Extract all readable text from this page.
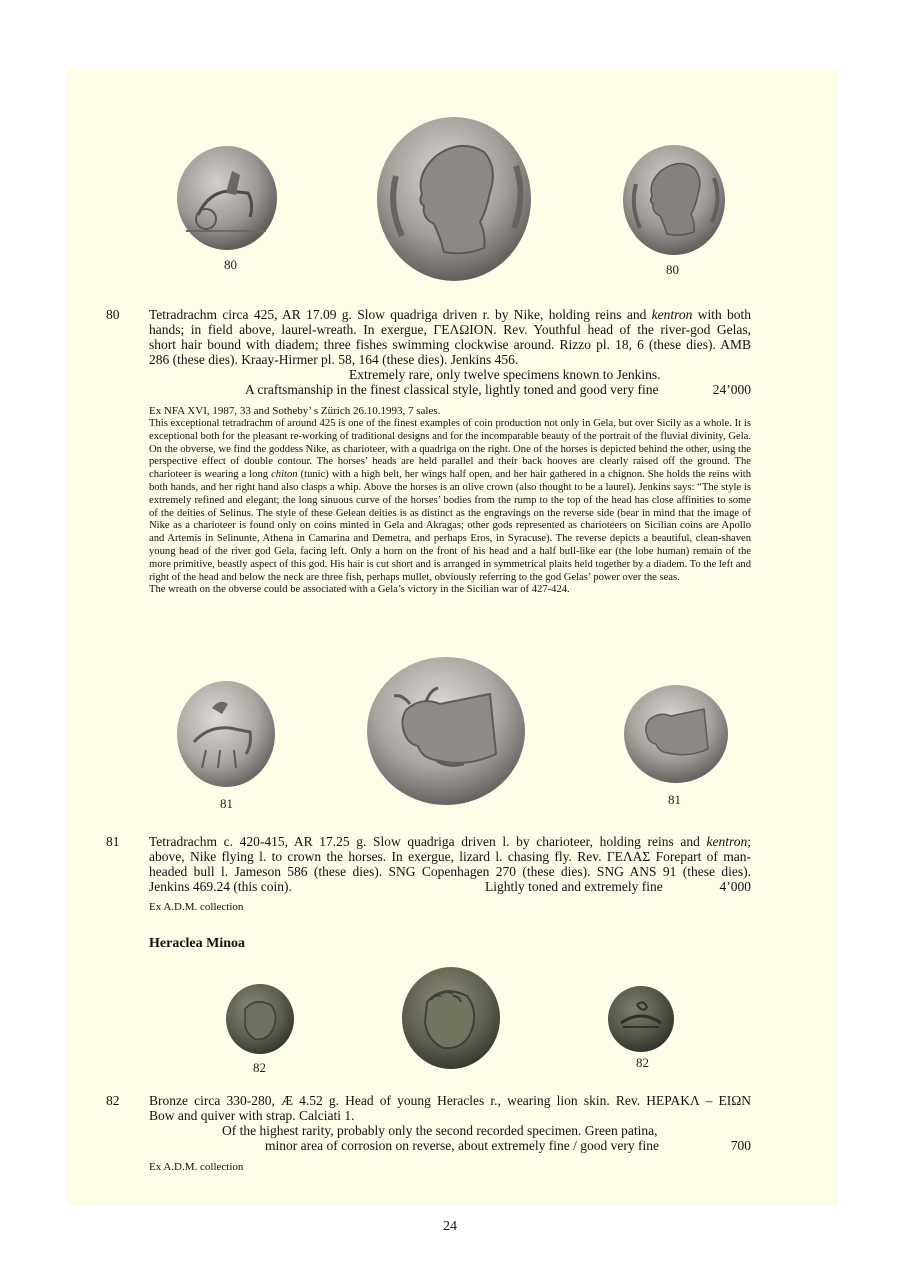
80	80
80 Tetradrachm circa 425, AR 17.09 g. Slow quadriga driven r. by Nike, holding reins and kentron with both
hands; in field above, laurel-wreath. In exergue, ΓΕΛΩΙΟΝ. Rev. Youthful head of the river-god Gelas,
short hair bound with diadem; three fishes swimming clockwise around. Rizzo pl. 18, 6 (these dies). AMB
286 (these dies). Kraay-Hirmer pl. 58, 164 (these dies). Jenkins 456.
Extremely rare, only twelve specimens known to Jenkins.
A craftsmanship in the finest classical style, lightly toned and good very fine	24’000
Ex NFA XVI, 1987, 33 and Sotheby’ s Zürich 26.10.1993, 7 sales.

This exceptional tetradrachm of around 425 is one of the finest examples of coin production not only in Gela, but over Sicily as a whole. It is exceptional both for the pleasant re-working of traditional designs and for the incomparable beauty of the portrait of the fluvial divinity, Gela. On the obverse, we find the goddess Nike, as charioteer, with a quadriga on the right. One of the horses is depicted behind the other, using the perspective effect of double contour. The horses’ heads are held parallel and their back hooves are clearly raised off the ground. The charioteer is wearing a long chiton (tunic) with a high belt, her wings half open, and her hair gathered in a chignon. She holds the reins with both hands, and her right hand also clasps a whip. Above the horses is an olive crown (also thought to be a laurel). Jenkins says: “The style is extremely refined and elegant; the long sinuous curve of the horses’ bodies from the rump to the top of the head has close affinities to some of the deities of Selinus. The style of these Gelean deities is as distinct as the engravings on the reverse side (bear in mind that the image of Nike as a charioteer is found only on coins minted in Gela and Akragas; other gods represented as charioteers on Sicilian coins are Apollo and Artemis in Selinunte, Athena in Camarina and Demetra, and perhaps Eros, in Syracuse). The reverse depicts a beautiful, clean-shaven young head of the river god Gela, facing left. Only a horn on the front of his head and a half bull-like ear (the lobe human) remain of the more primitive, beastly aspect of this god. His hair is cut short and is arranged in symmetrical plaits held together by a diadem. To the left and right of the head and below the neck are three fish, perhaps mullet, obviously referring to the god Gelas’ power over the seas.
The wreath on the obverse could be associated with a Gela’s victory in the Sicilian war of 427-424.

81	81
81 Tetradrachm c. 420-415, AR 17.25 g. Slow quadriga driven l. by charioteer, holding reins and kentron;
above, Nike flying l. to crown the horses. In exergue, lizard l. chasing fly. Rev. ΓΕΛΑΣ Forepart of man-
headed bull l. Jameson 586 (these dies). SNG Copenhagen 270 (these dies). SNG ANS 91 (these dies).
Jenkins 469.24 (this coin).	Lightly toned and extremely fine	4’000
Ex A.D.M. collection
Heraclea Minoa
82	82
82 Bronze circa 330-280, Æ 4.52 g. Head of young Heracles r., wearing lion skin. Rev. ΗΕΡΑΚΛ – ΕΙΩΝ
Bow and quiver with strap. Calciati 1.
Of the highest rarity, probably only the second recorded specimen. Green patina,
minor area of corrosion on reverse, about extremely fine / good very fine	700
Ex A.D.M. collection
24
